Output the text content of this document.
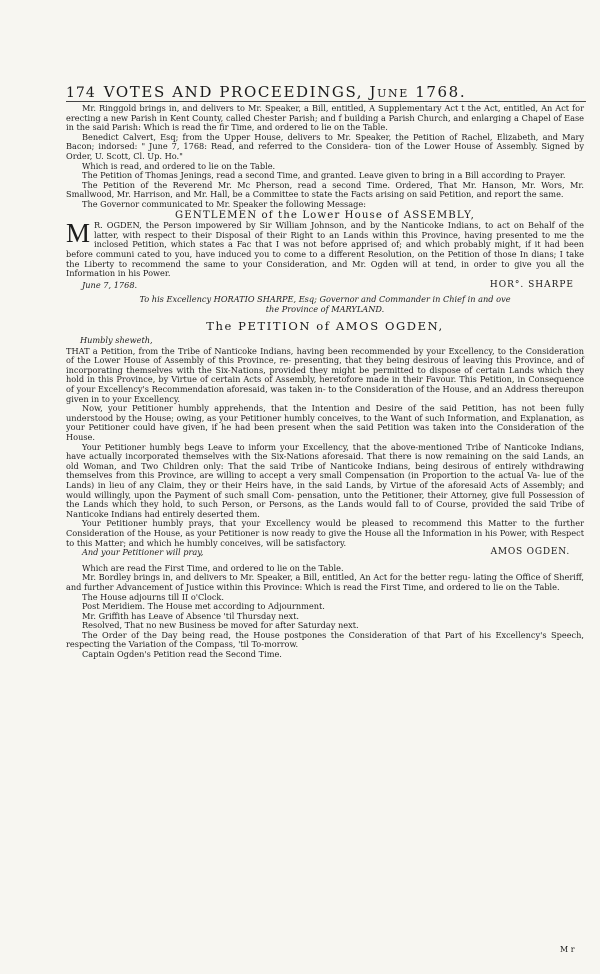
174 VOTES AND PROCEEDINGS, June 1768.

Mr. Ringgold brings in, and delivers to Mr. Speaker, a Bill, entitled, A Supplementary Act t the Act, entitled, An Act for erecting a new Parish in Kent County, called Chester Parish; and f building a Parish Church, and enlarging a Chapel of Ease in the said Parish: Which is read the fir Time, and ordered to lie on the Table.

Benedict Calvert, Esq; from the Upper House, delivers to Mr. Speaker, the Petition of Rachel, Elizabeth, and Mary Bacon; indorsed: " June 7, 1768: Read, and referred to the Considera- tion of the Lower House of Assembly. Signed by Order, U. Scott, Cl. Up. Ho."

Which is read, and ordered to lie on the Table.

The Petition of Thomas Jenings, read a second Time, and granted. Leave given to bring in a Bill according to Prayer.

The Petition of the Reverend Mr. Mc Pherson, read a second Time. Ordered, That Mr. Hanson, Mr. Wors, Mr. Smallwood, Mr. Harrison, and Mr. Hall, be a Committee to state the Facts arising on said Petition, and report the same.

The Governor communicated to Mr. Speaker the following Message:

GENTLEMEN of the Lower House of ASSEMBLY,

M R. OGDEN, the Person impowered by Sir William Johnson, and by the Nanticoke Indians, to act on Behalf of the latter, with respect to their Disposal of their Right to an Lands within this Province, having presented to me the inclosed Petition, which states a Fac that I was not before apprised of; and which probably might, if it had been before communi cated to you, have induced you to come to a different Resolution, on the Petition of those In dians; I take the Liberty to recommend the same to your Consideration, and Mr. Ogden will at tend, in order to give you all the Information in his Power.

June 7, 1768.	HOR°. SHARPE

To his Excellency HORATIO SHARPE, Esq; Governor and Commander in Chief in and ove

the Province of MARYLAND.

The PETITION of AMOS OGDEN,

Humbly sheweth,

THAT a Petition, from the Tribe of Nanticoke Indians, having been recommended by your Excellency, to the Consideration of the Lower House of Assembly of this Province, re- presenting, that they being desirous of leaving this Province, and of incorporating themselves with the Six-Nations, provided they might be permitted to dispose of certain Lands which they hold in this Province, by Virtue of certain Acts of Assembly, heretofore made in their Favour. This Petition, in Consequence of your Excellency's Recommendation aforesaid, was taken in- to the Consideration of the House, and an Address thereupon given in to your Excellency.

Now, your Petitioner humbly apprehends, that the Intention and Desire of the said Petition, has not been fully understood by the House; owing, as your Petitioner humbly conceives, to the Want of such Information, and Explanation, as your Petitioner could have given, if he had been present when the said Petition was taken into the Consideration of the House.

Your Petitioner humbly begs Leave to inform your Excellency, that the above-mentioned Tribe of Nanticoke Indians, have actually incorporated themselves with the Six-Nations aforesaid. That there is now remaining on the said Lands, an old Woman, and Two Children only: That the said Tribe of Nanticoke Indians, being desirous of entirely withdrawing themselves from this Province, are willing to accept a very small Compensation (in Proportion to the actual Va- lue of the Lands) in lieu of any Claim, they or their Heirs have, in the said Lands, by Virtue of the aforesaid Acts of Assembly; and would willingly, upon the Payment of such small Com- pensation, unto the Petitioner, their Attorney, give full Possession of the Lands which they hold, to such Person, or Persons, as the Lands would fall to of Course, provided the said Tribe of Nanticoke Indians had entirely deserted them.

Your Petitioner humbly prays, that your Excellency would be pleased to recommend this Matter to the further Consideration of the House, as your Petitioner is now ready to give the House all the Information in his Power, with Respect to this Matter; and which he humbly conceives, will be satisfactory.

And your Petitioner will pray,	AMOS OGDEN.

Which are read the First Time, and ordered to lie on the Table.

Mr. Bordley brings in, and delivers to Mr. Speaker, a Bill, entitled, An Act for the better regu- lating the Office of Sheriff, and further Advancement of Justice within this Province: Which is read the First Time, and ordered to lie on the Table.

The House adjourns till II o'Clock.

Post Meridiem. The House met according to Adjournment.

Mr. Griffith has Leave of Absence 'til Thursday next.

Resolved, That no new Business be moved for after Saturday next.

The Order of the Day being read, the House postpones the Consideration of that Part of his Excellency's Speech, respecting the Variation of the Compass, 'til To-morrow.

Captain Ogden's Petition read the Second Time.

M r
